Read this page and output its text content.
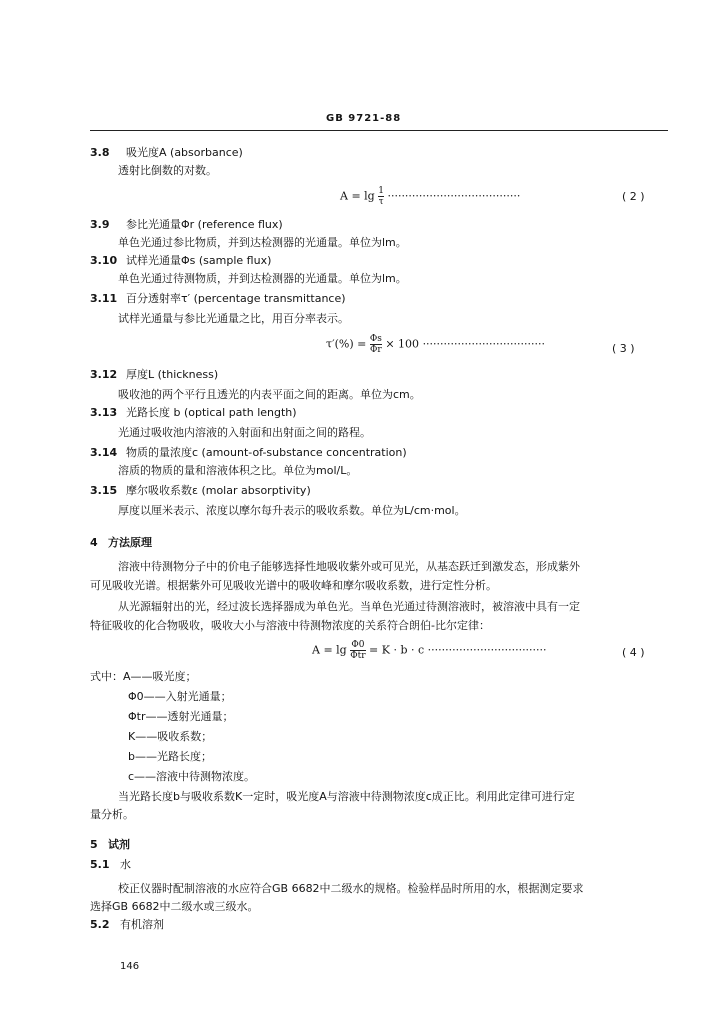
GB 9721-88
3.8 吸光度A (absorbance)
透射比倒数的对数。
$A = \lg \frac{1}{\tau}$ ······································	( 2 )
3.9 参比光通量Φr (reference flux)
单色光通过参比物质，并到达检测器的光通量。单位为lm。
3.10 试样光通量Φs (sample flux)
单色光通过待测物质，并到达检测器的光通量。单位为lm。
3.11 百分透射率τ′ (percentage transmittance)
试样光通量与参比光通量之比，用百分率表示。
$\tau'(\%) = \frac{\Phi s}{\Phi r} \times 100$ ···································	( 3 )
3.12 厚度L (thickness)
吸收池的两个平行且透光的内表平面之间的距离。单位为cm。
3.13 光路长度 b (optical path length)
光通过吸收池内溶液的入射面和出射面之间的路程。
3.14 物质的量浓度c (amount-of-substance concentration)
溶质的物质的量和溶液体积之比。单位为mol/L。
3.15 摩尔吸收系数ε (molar absorptivity)
厚度以厘米表示、浓度以摩尔每升表示的吸收系数。单位为L/cm·mol。
4 方法原理
溶液中待测物分子中的价电子能够选择性地吸收紫外或可见光，从基态跃迁到激发态，形成紫外
可见吸收光谱。根据紫外可见吸收光谱中的吸收峰和摩尔吸收系数，进行定性分析。
从光源辐射出的光，经过波长选择器成为单色光。当单色光通过待测溶液时，被溶液中具有一定
特征吸收的化合物吸收，吸收大小与溶液中待测物浓度的关系符合朗伯-比尔定律：
$A = \lg \frac{\Phi 0}{\text{Φtr}} = K \cdot b \cdot c$ ··································	( 4 )
式中：A——吸光度；
Φ0——入射光通量；
Φtr——透射光通量；
K——吸收系数；
b——光路长度；
c——溶液中待测物浓度。
当光路长度b与吸收系数K一定时，吸光度A与溶液中待测物浓度c成正比。利用此定律可进行定
量分析。
5 试剂
5.1 水
校正仪器时配制溶液的水应符合GB 6682中二级水的规格。检验样品时所用的水，根据测定要求
选择GB 6682中二级水或三级水。
5.2 有机溶剂
146
